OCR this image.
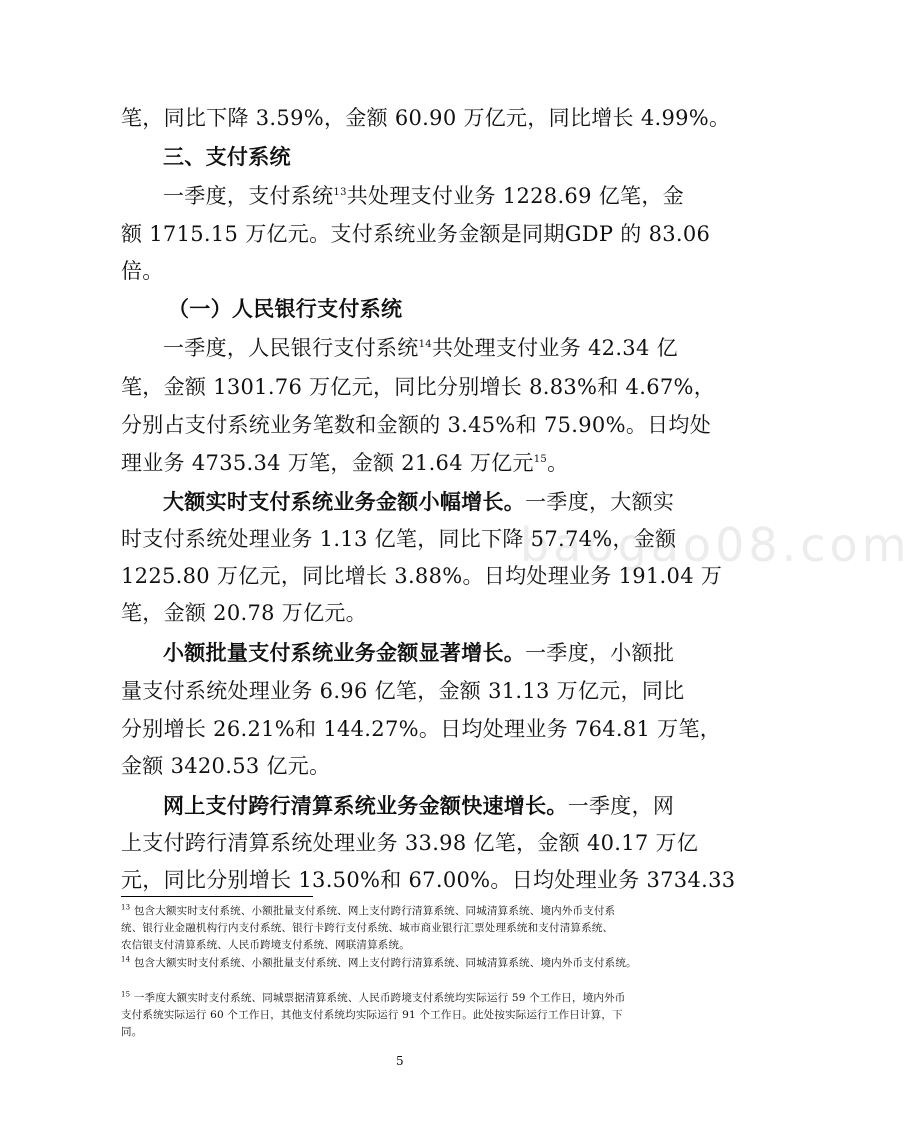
baogao08.com
笔，同比下降 3.59%，金额 60.90 万亿元，同比增长 4.99%。
三、支付系统
一季度，支付系统$^{13}$共处理支付业务 1228.69 亿笔，金
额 1715.15 万亿元。支付系统业务金额是同期GDP 的 83.06
倍。
（一）人民银行支付系统
一季度，人民银行支付系统$^{14}$共处理支付业务 42.34 亿
笔，金额 1301.76 万亿元，同比分别增长 8.83%和 4.67%，
分别占支付系统业务笔数和金额的 3.45%和 75.90%。日均处
理业务 4735.34 万笔，金额 21.64 万亿元$^{15}$。
大额实时支付系统业务金额小幅增长。一季度，大额实
时支付系统处理业务 1.13 亿笔，同比下降 57.74%，金额
1225.80 万亿元，同比增长 3.88%。日均处理业务 191.04 万
笔，金额 20.78 万亿元。
小额批量支付系统业务金额显著增长。一季度，小额批
量支付系统处理业务 6.96 亿笔，金额 31.13 万亿元，同比
分别增长 26.21%和 144.27%。日均处理业务 764.81 万笔，
金额 3420.53 亿元。
网上支付跨行清算系统业务金额快速增长。一季度，网
上支付跨行清算系统处理业务 33.98 亿笔，金额 40.17 万亿
元，同比分别增长 13.50%和 67.00%。日均处理业务 3734.33
$^{13}$ 包含大额实时支付系统、小额批量支付系统、网上支付跨行清算系统、同城清算系统、境内外币支付系
统、银行业金融机构行内支付系统、银行卡跨行支付系统、城市商业银行汇票处理系统和支付清算系统、
农信银支付清算系统、人民币跨境支付系统、网联清算系统。
$^{14}$ 包含大额实时支付系统、小额批量支付系统、网上支付跨行清算系统、同城清算系统、境内外币支付系统。
$^{15}$ 一季度大额实时支付系统、同城票据清算系统、人民币跨境支付系统均实际运行 59 个工作日，境内外币
支付系统实际运行 60 个工作日，其他支付系统均实际运行 91 个工作日。此处按实际运行工作日计算，下
同。
5
